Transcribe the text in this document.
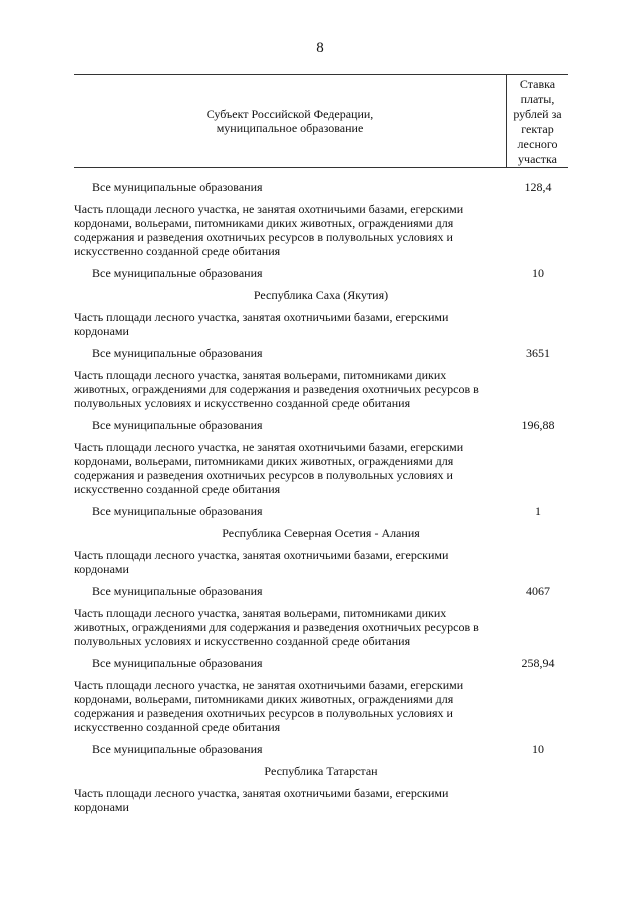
8
Субъект Российской Федерации, муниципальное образование
Ставка платы, рублей за гектар лесного участка
Все муниципальные образования	128,4
Часть площади лесного участка, не занятая охотничьими базами, егерскими кордонами, вольерами, питомниками диких животных, ограждениями для содержания и разведения охотничьих ресурсов в полувольных условиях и искусственно созданной среде обитания
Все муниципальные образования	10
Республика Саха (Якутия)
Часть площади лесного участка, занятая охотничьими базами, егерскими кордонами
Все муниципальные образования	3651
Часть площади лесного участка, занятая вольерами, питомниками диких животных, ограждениями для содержания и разведения охотничьих ресурсов в полувольных условиях и искусственно созданной среде обитания
Все муниципальные образования	196,88
Часть площади лесного участка, не занятая охотничьими базами, егерскими кордонами, вольерами, питомниками диких животных, ограждениями для содержания и разведения охотничьих ресурсов в полувольных условиях и искусственно созданной среде обитания
Все муниципальные образования	1
Республика Северная Осетия - Алания
Часть площади лесного участка, занятая охотничьими базами, егерскими кордонами
Все муниципальные образования	4067
Часть площади лесного участка, занятая вольерами, питомниками диких животных, ограждениями для содержания и разведения охотничьих ресурсов в полувольных условиях и искусственно созданной среде обитания
Все муниципальные образования	258,94
Часть площади лесного участка, не занятая охотничьими базами, егерскими кордонами, вольерами, питомниками диких животных, ограждениями для содержания и разведения охотничьих ресурсов в полувольных условиях и искусственно созданной среде обитания
Все муниципальные образования	10
Республика Татарстан
Часть площади лесного участка, занятая охотничьими базами, егерскими кордонами
